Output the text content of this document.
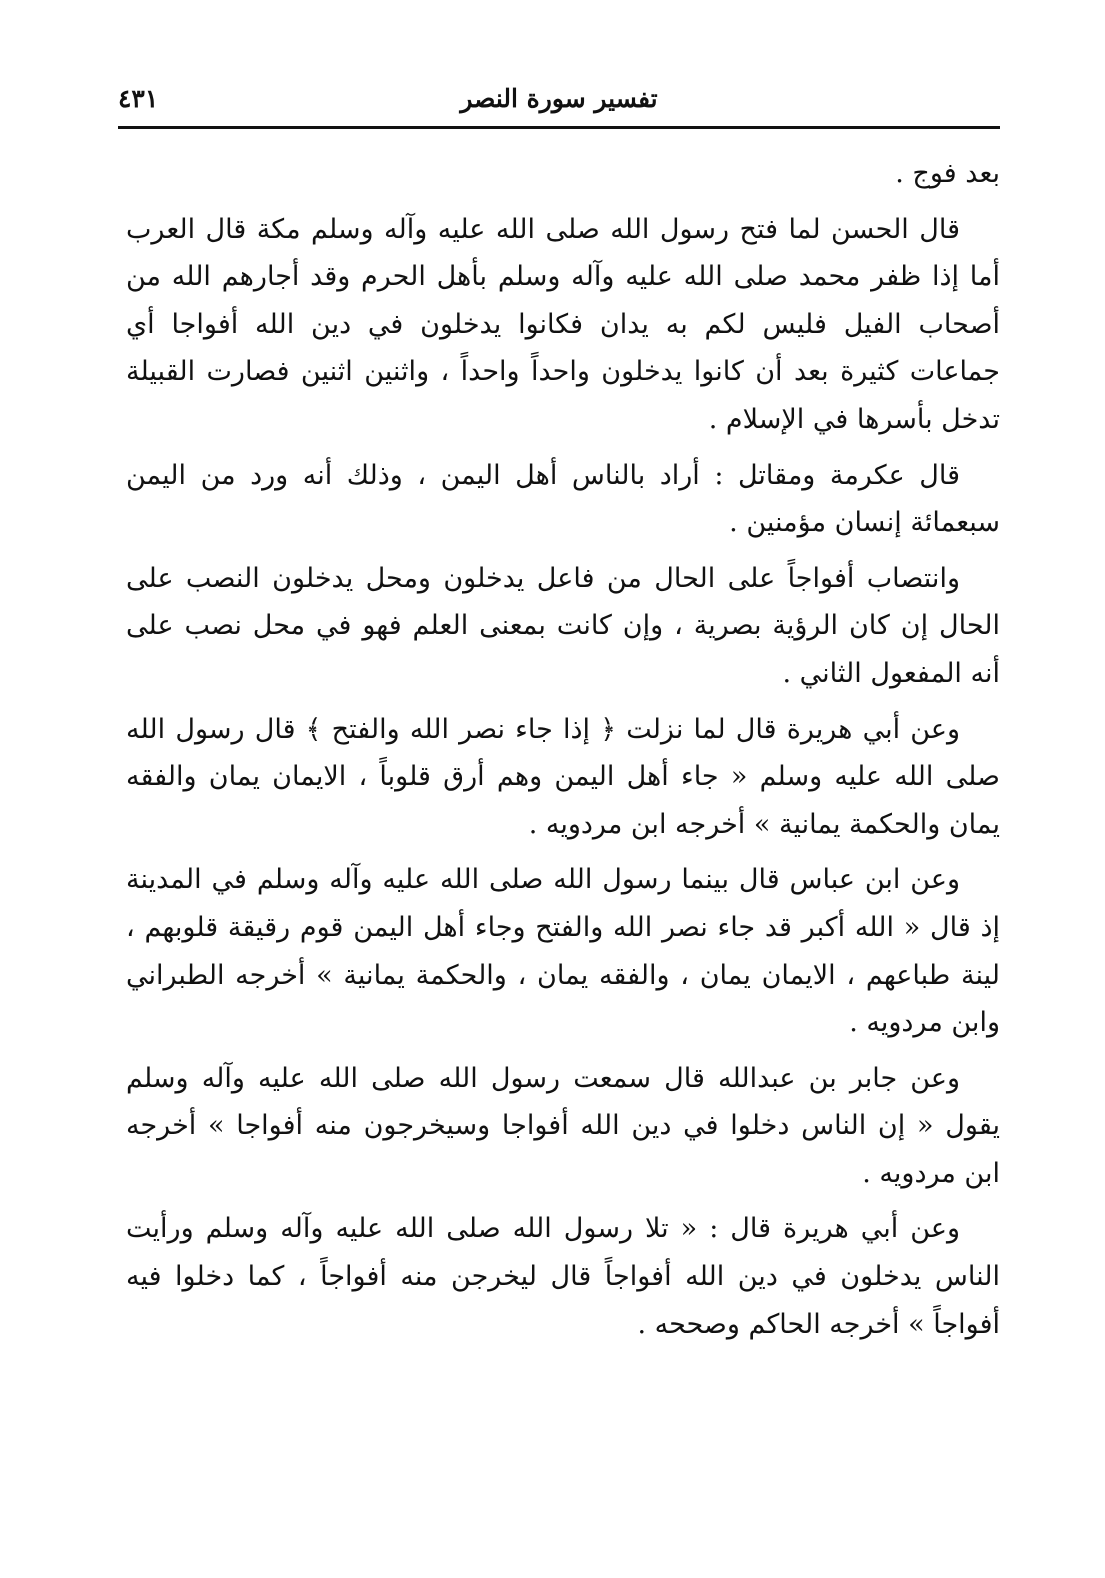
تفسير سورة النصر
٤٣١

بعد فوج .

قال الحسن لما فتح رسول الله صلى الله عليه وآله وسلم مكة قال العرب أما إذا ظفر محمد صلى الله عليه وآله وسلم بأهل الحرم وقد أجارهم الله من أصحاب الفيل فليس لكم به يدان فكانوا يدخلون في دين الله أفواجا أي جماعات كثيرة بعد أن كانوا يدخلون واحداً واحداً ، واثنين اثنين فصارت القبيلة تدخل بأسرها في الإسلام .

قال عكرمة ومقاتل : أراد بالناس أهل اليمن ، وذلك أنه ورد من اليمن سبعمائة إنسان مؤمنين .

وانتصاب أفواجاً على الحال من فاعل يدخلون ومحل يدخلون النصب على الحال إن كان الرؤية بصرية ، وإن كانت بمعنى العلم فهو في محل نصب على أنه المفعول الثاني .

وعن أبي هريرة قال لما نزلت ﴿ إذا جاء نصر الله والفتح ﴾ قال رسول الله صلى الله عليه وسلم « جاء أهل اليمن وهم أرق قلوباً ، الايمان يمان والفقه يمان والحكمة يمانية » أخرجه ابن مردويه .

وعن ابن عباس قال بينما رسول الله صلى الله عليه وآله وسلم في المدينة إذ قال « الله أكبر قد جاء نصر الله والفتح وجاء أهل اليمن قوم رقيقة قلوبهم ، لينة طباعهم ، الايمان يمان ، والفقه يمان ، والحكمة يمانية » أخرجه الطبراني وابن مردويه .

وعن جابر بن عبدالله قال سمعت رسول الله صلى الله عليه وآله وسلم يقول « إن الناس دخلوا في دين الله أفواجا وسيخرجون منه أفواجا » أخرجه ابن مردويه .

وعن أبي هريرة قال : « تلا رسول الله صلى الله عليه وآله وسلم ورأيت الناس يدخلون في دين الله أفواجاً قال ليخرجن منه أفواجاً ، كما دخلوا فيه أفواجاً » أخرجه الحاكم وصححه .
